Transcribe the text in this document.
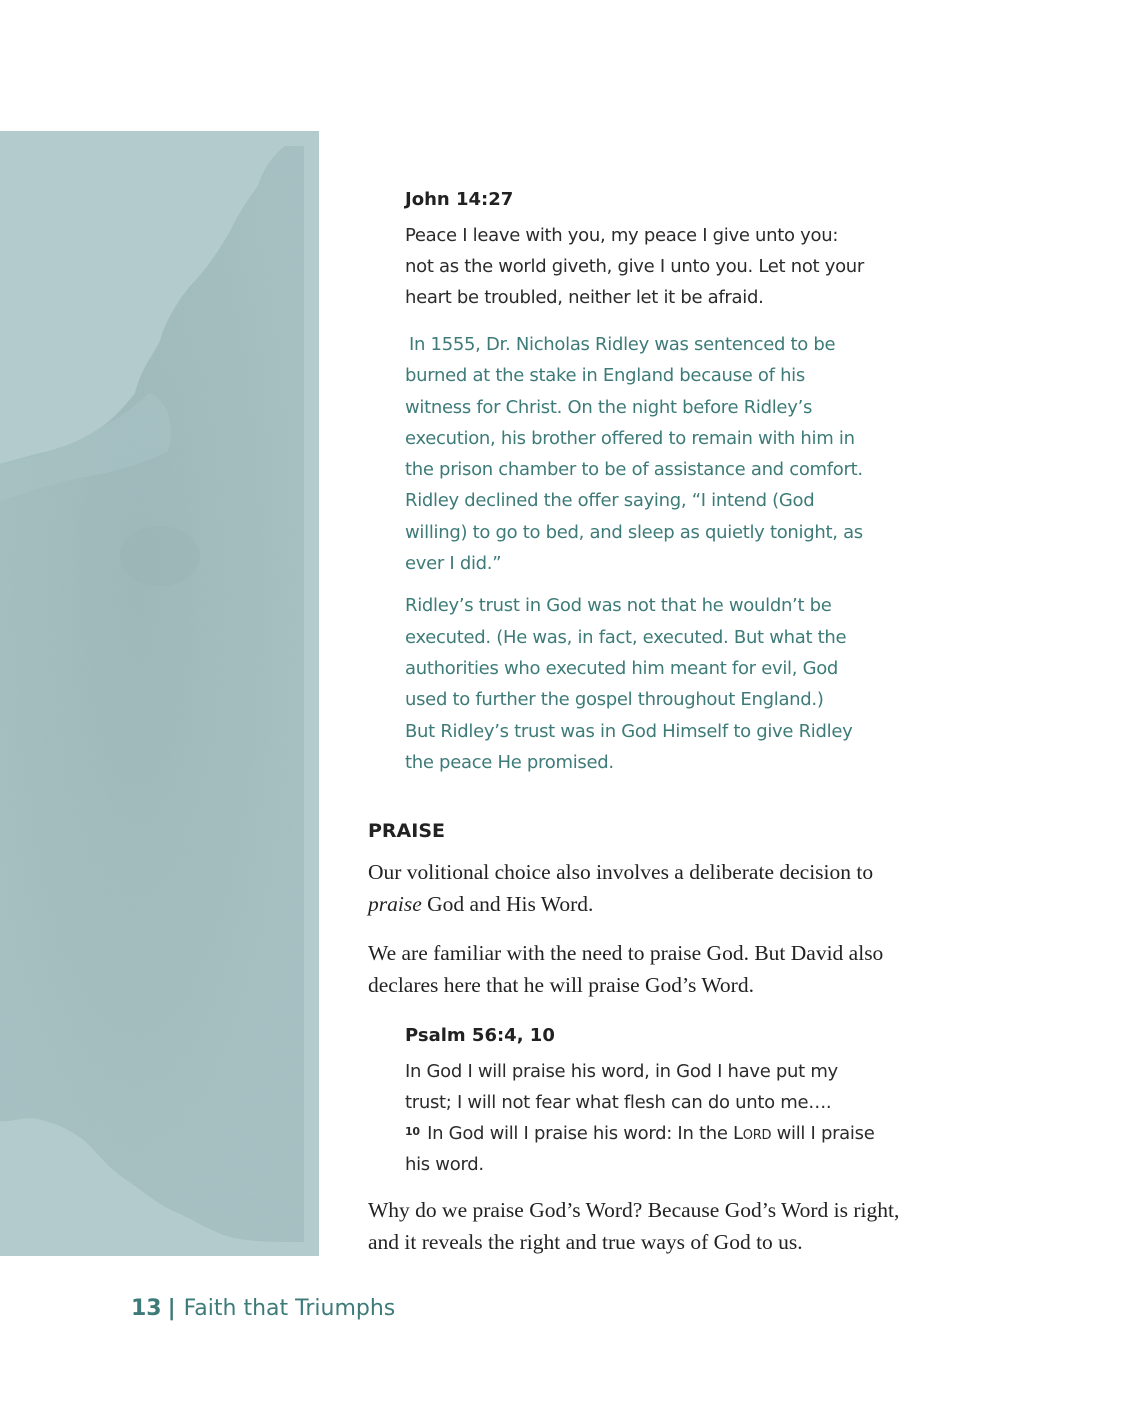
John 14:27
Peace I leave with you, my peace I give unto you:
not as the world giveth, give I unto you. Let not your
heart be troubled, neither let it be afraid.

In 1555, Dr. Nicholas Ridley was sentenced to be
burned at the stake in England because of his
witness for Christ. On the night before Ridley’s
execution, his brother offered to remain with him in
the prison chamber to be of assistance and comfort.
Ridley declined the offer saying, “I intend (God
willing) to go to bed, and sleep as quietly tonight, as
ever I did.”

Ridley’s trust in God was not that he wouldn’t be
executed. (He was, in fact, executed. But what the
authorities who executed him meant for evil, God
used to further the gospel throughout England.)
But Ridley’s trust was in God Himself to give Ridley
the peace He promised.

PRAISE

Our volitional choice also involves a deliberate decision to
praise God and His Word.

We are familiar with the need to praise God. But David also
declares here that he will praise God’s Word.

Psalm 56:4, 10
In God I will praise his word, in God I have put my
trust; I will not fear what flesh can do unto me….
$^{10}$ In God will I praise his word: In the Lord will I praise
his word.

Why do we praise God’s Word? Because God’s Word is right,
and it reveals the right and true ways of God to us.

13 | Faith that Triumphs
